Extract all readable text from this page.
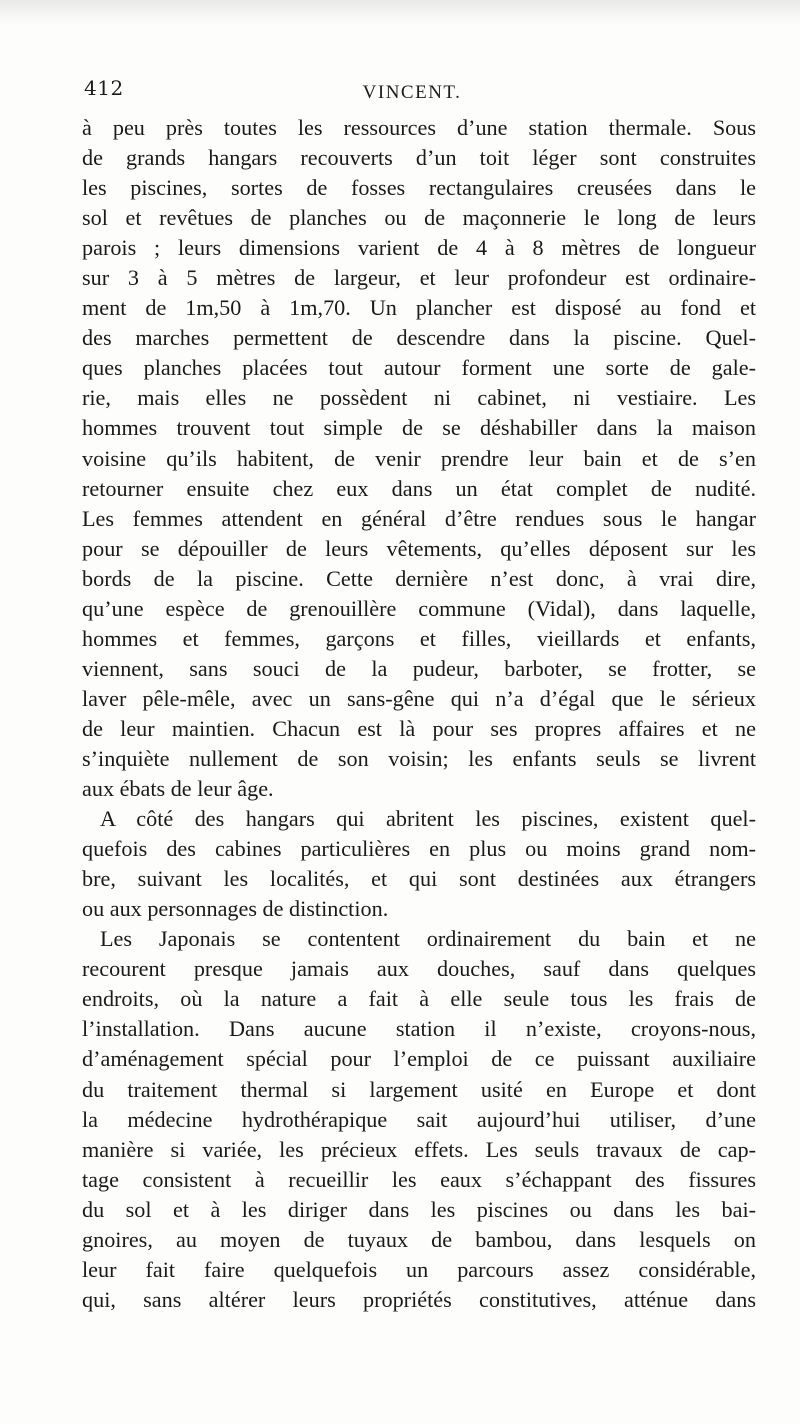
412	VINCENT.
à peu près toutes les ressources d’une station thermale. Sous
de grands hangars recouverts d’un toit léger sont construites
les piscines, sortes de fosses rectangulaires creusées dans le
sol et revêtues de planches ou de maçonnerie le long de leurs
parois ; leurs dimensions varient de 4 à 8 mètres de longueur
sur 3 à 5 mètres de largeur, et leur profondeur est ordinaire-
ment de 1m,50 à 1m,70. Un plancher est disposé au fond et
des marches permettent de descendre dans la piscine. Quel-
ques planches placées tout autour forment une sorte de gale-
rie, mais elles ne possèdent ni cabinet, ni vestiaire. Les
hommes trouvent tout simple de se déshabiller dans la maison
voisine qu’ils habitent, de venir prendre leur bain et de s’en
retourner ensuite chez eux dans un état complet de nudité.
Les femmes attendent en général d’être rendues sous le hangar
pour se dépouiller de leurs vêtements, qu’elles déposent sur les
bords de la piscine. Cette dernière n’est donc, à vrai dire,
qu’une espèce de grenouillère commune (Vidal), dans laquelle,
hommes et femmes, garçons et filles, vieillards et enfants,
viennent, sans souci de la pudeur, barboter, se frotter, se
laver pêle-mêle, avec un sans-gêne qui n’a d’égal que le sérieux
de leur maintien. Chacun est là pour ses propres affaires et ne
s’inquiète nullement de son voisin; les enfants seuls se livrent
aux ébats de leur âge.
A côté des hangars qui abritent les piscines, existent quel-
quefois des cabines particulières en plus ou moins grand nom-
bre, suivant les localités, et qui sont destinées aux étrangers
ou aux personnages de distinction.
Les Japonais se contentent ordinairement du bain et ne
recourent presque jamais aux douches, sauf dans quelques
endroits, où la nature a fait à elle seule tous les frais de
l’installation. Dans aucune station il n’existe, croyons-nous,
d’aménagement spécial pour l’emploi de ce puissant auxiliaire
du traitement thermal si largement usité en Europe et dont
la médecine hydrothérapique sait aujourd’hui utiliser, d’une
manière si variée, les précieux effets. Les seuls travaux de cap-
tage consistent à recueillir les eaux s’échappant des fissures
du sol et à les diriger dans les piscines ou dans les bai-
gnoires, au moyen de tuyaux de bambou, dans lesquels on
leur fait faire quelquefois un parcours assez considérable,
qui, sans altérer leurs propriétés constitutives, atténue dans
